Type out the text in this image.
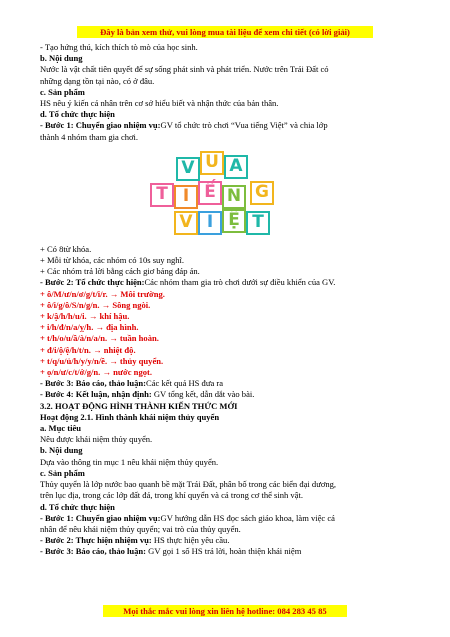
Đây là bản xem thử, vui lòng mua tài liệu để xem chi tiết (có lời giải)
- Tạo hứng thú, kích thích tò mò của học sinh.
b. Nội dung
Nước là vật chất tiên quyết để sự sống phát sinh và phát triển. Nước trên Trái Đất có
những dạng tồn tại nào, có ở đâu.
c. Sản phẩm
HS nêu ý kiến cá nhân trên cơ sở hiểu biết và nhận thức của bản thân.
d. Tổ chức thực hiện
- Bước 1: Chuyển giao nhiệm vụ:GV tổ chức trò chơi “Vua tiếng Việt” và chia lớp
thành 4 nhóm tham gia chơi.
V U A
T I Ế N G
V I Ệ T
+ Có 8từ khóa.
+ Mỗi từ khóa, các nhóm có 10s suy nghĩ.
+ Các nhóm trả lời bằng cách giơ bảng đáp án.
- Bước 2: Tổ chức thực hiện:Các nhóm tham gia trò chơi dưới sự điều khiển của GV.
+ ô/M/ư/n/ơ/g/t/i/r. → Môi trường.
+ ô/i/g/ô/S/n/g/n. → Sông ngòi.
+ k/ậ/h/h/u/i. → khí hậu.
+ i/h/đ/n/a/ỵ/h. → địa hình.
+ t/h/o/u/ầ/à/n/a/n. → tuần hoàn.
+ đ/i/ộ/ệ/h/t/n. → nhiệt độ.
+ t/q/u/ủ/h/y/y/n/ề. → thủy quyển.
+ ọ/n/ư/c/t/ớ/g/n. → nước ngọt.
- Bước 3: Báo cáo, thảo luận:Các kết quả HS đưa ra
- Bước 4: Kết luận, nhận định: GV tổng kết, dẫn dắt vào bài.
3.2. HOẠT ĐỘNG HÌNH THÀNH KIẾN THỨC MỚI
Hoạt động 2.1. Hình thành khái niệm thủy quyển
a. Mục tiêu
Nêu được khái niệm thủy quyển.
b. Nội dung
Dựa vào thông tin mục 1 nêu khái niệm thủy quyển.
c. Sản phẩm
Thủy quyển là lớp nước bao quanh bề mặt Trái Đất, phân bố trong các biển đại dương,
trên lục địa, trong các lớp đất đá, trong khí quyển và cả trong cơ thể sinh vật.
d. Tổ chức thực hiện
- Bước 1: Chuyển giao nhiệm vụ:GV hướng dẫn HS đọc sách giáo khoa, làm việc cá
nhân để nêu khái niệm thủy quyển; vai trò của thủy quyển.
- Bước 2: Thực hiện nhiệm vụ: HS thực hiện yêu cầu.
- Bước 3: Báo cáo, thảo luận: GV gọi 1 số HS trả lời, hoàn thiện khái niệm
Mọi thắc mắc vui lòng xin liên hệ hotline: 084 283 45 85
